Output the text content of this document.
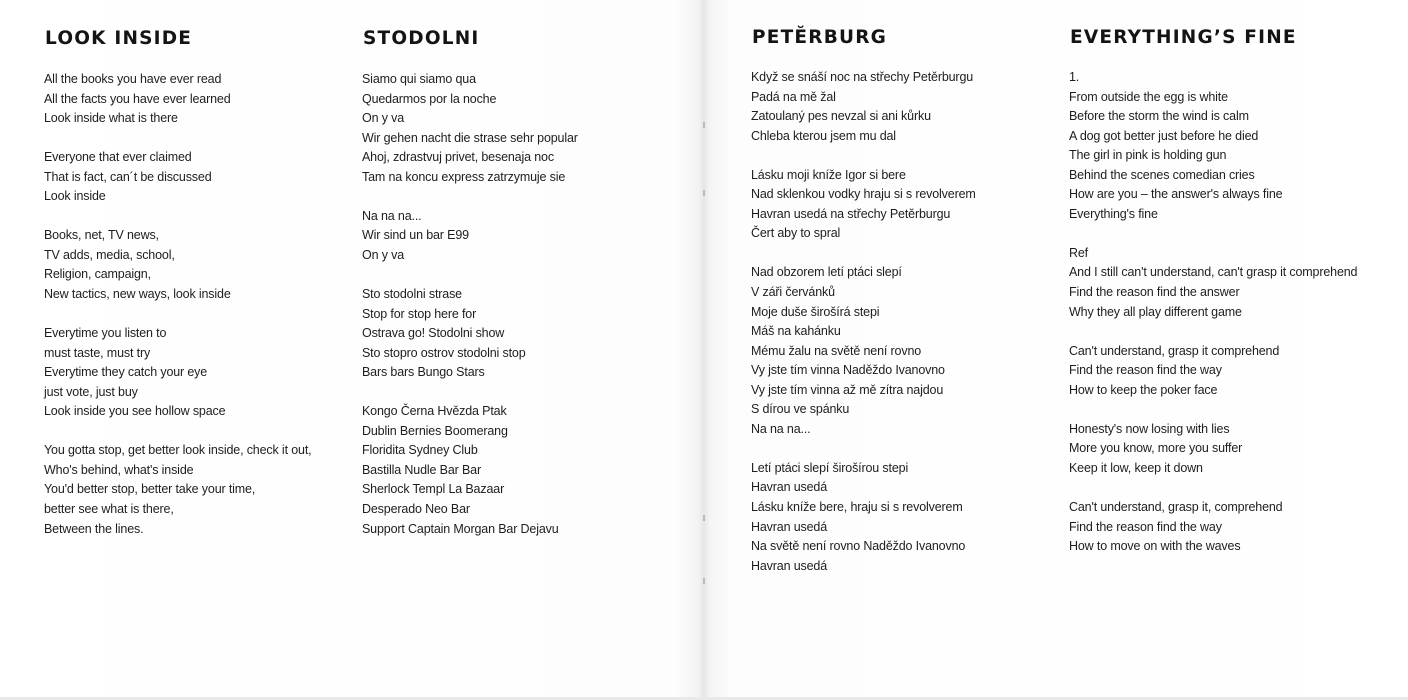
LOOK INSIDE
All the books you have ever read
All the facts you have ever learned
Look inside what is there
Everyone that ever claimed
That is fact, can´t be discussed
Look inside
Books, net, TV news,
TV adds, media, school,
Religion, campaign,
New tactics, new ways, look inside
Everytime you listen to
must taste, must try
Everytime they catch your eye
just vote, just buy
Look inside you see hollow space
You gotta stop, get better look inside, check it out,
Who's behind, what's inside
You'd better stop, better take your time,
better see what is there,
Between the lines.
STODOLNI
Siamo qui siamo qua
Quedarmos por la noche
On y va
Wir gehen nacht die strase sehr popular
Ahoj, zdrastvuj privet, besenaja noc
Tam na koncu express zatrzymuje sie
Na na na...
Wir sind un bar E99
On y va
Sto stodolni strase
Stop for stop here for
Ostrava go! Stodolni show
Sto stopro ostrov stodolni stop
Bars bars Bungo Stars
Kongo Černa Hvězda Ptak
Dublin Bernies Boomerang
Floridita Sydney Club
Bastilla Nudle Bar Bar
Sherlock Templ La Bazaar
Desperado Neo Bar
Support Captain Morgan Bar Dejavu
PETĔRBURG
Když se snáší noc na střechy Petěrburgu
Padá na mě žal
Zatoulaný pes nevzal si ani kůrku
Chleba kterou jsem mu dal
Lásku moji kníže Igor si bere
Nad sklenkou vodky hraju si s revolverem
Havran usedá na střechy Petěrburgu
Čert aby to spral
Nad obzorem letí ptáci slepí
V záři červánků
Moje duše širošírá stepi
Máš na kahánku
Mému žalu na světě není rovno
Vy jste tím vinna Naděždo Ivanovno
Vy jste tím vinna až mě zítra najdou
S dírou ve spánku
Na na na...
Letí ptáci slepí širošírou stepi
Havran usedá
Lásku kníže bere, hraju si s revolverem
Havran usedá
Na světě není rovno Naděždo Ivanovno
Havran usedá
EVERYTHING’S FINE
1.
From outside the egg is white
Before the storm the wind is calm
A dog got better just before he died
The girl in pink is holding gun
Behind the scenes comedian cries
How are you – the answer's always fine
Everything's fine
Ref
And I still can't understand, can't grasp it comprehend
Find the reason find the answer
Why they all play different game
Can't understand, grasp it comprehend
Find the reason find the way
How to keep the poker face
Honesty's now losing with lies
More you know, more you suffer
Keep it low, keep it down
Can't understand, grasp it, comprehend
Find the reason find the way
How to move on with the waves
